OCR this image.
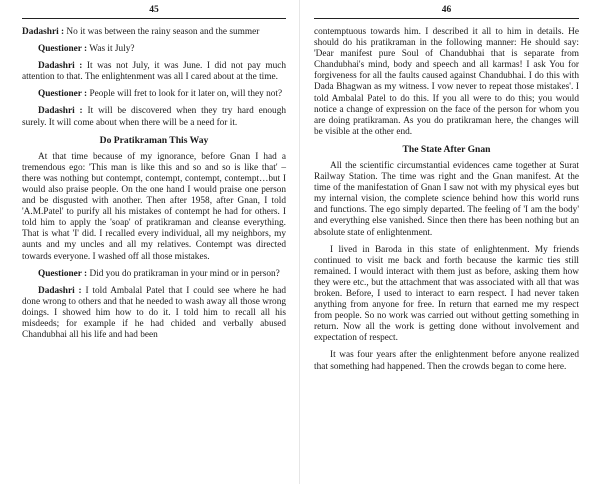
45

Dadashri : No it was between the rainy season and the summer

Questioner : Was it July?

Dadashri : It was not July, it was June. I did not pay much attention to that. The enlightenment was all I cared about at the time.

Questioner : People will fret to look for it later on, will they not?

Dadashri : It will be discovered when they try hard enough surely. It will come about when there will be a need for it.

Do Pratikraman This Way

At that time because of my ignorance, before Gnan I had a tremendous ego: 'This man is like this and so and so is like that' – there was nothing but contempt, contempt, contempt, contempt…but I would also praise people. On the one hand I would praise one person and be disgusted with another. Then after 1958, after Gnan, I told 'A.M.Patel' to purify all his mistakes of contempt he had for others. I told him to apply the 'soap' of pratikraman and cleanse everything. That is what 'I' did. I recalled every individual, all my neighbors, my aunts and my uncles and all my relatives. Contempt was directed towards everyone. I washed off all those mistakes.

Questioner : Did you do pratikraman in your mind or in person?

Dadashri : I told Ambalal Patel that I could see where he had done wrong to others and that he needed to wash away all those wrong doings. I showed him how to do it. I told him to recall all his misdeeds; for example if he had chided and verbally abused Chandubhai all his life and had been

46

contemptuous towards him. I described it all to him in details. He should do his pratikraman in the following manner: He should say: 'Dear manifest pure Soul of Chandubhai that is separate from Chandubhai's mind, body and speech and all karmas! I ask You for forgiveness for all the faults caused against Chandubhai. I do this with Dada Bhagwan as my witness. I vow never to repeat those mistakes'. I told Ambalal Patel to do this. If you all were to do this; you would notice a change of expression on the face of the person for whom you are doing pratikraman. As you do pratikraman here, the changes will be visible at the other end.

The State After Gnan

All the scientific circumstantial evidences came together at Surat Railway Station. The time was right and the Gnan manifest. At the time of the manifestation of Gnan I saw not with my physical eyes but my internal vision, the complete science behind how this world runs and functions. The ego simply departed. The feeling of 'I am the body' and everything else vanished. Since then there has been nothing but an absolute state of enlightenment.

I lived in Baroda in this state of enlightenment. My friends continued to visit me back and forth because the karmic ties still remained. I would interact with them just as before, asking them how they were etc., but the attachment that was associated with all that was broken. Before, I used to interact to earn respect. I had never taken anything from anyone for free. In return that earned me my respect from people. So no work was carried out without getting something in return. Now all the work is getting done without involvement and expectation of respect.

It was four years after the enlightenment before anyone realized that something had happened. Then the crowds began to come here.
